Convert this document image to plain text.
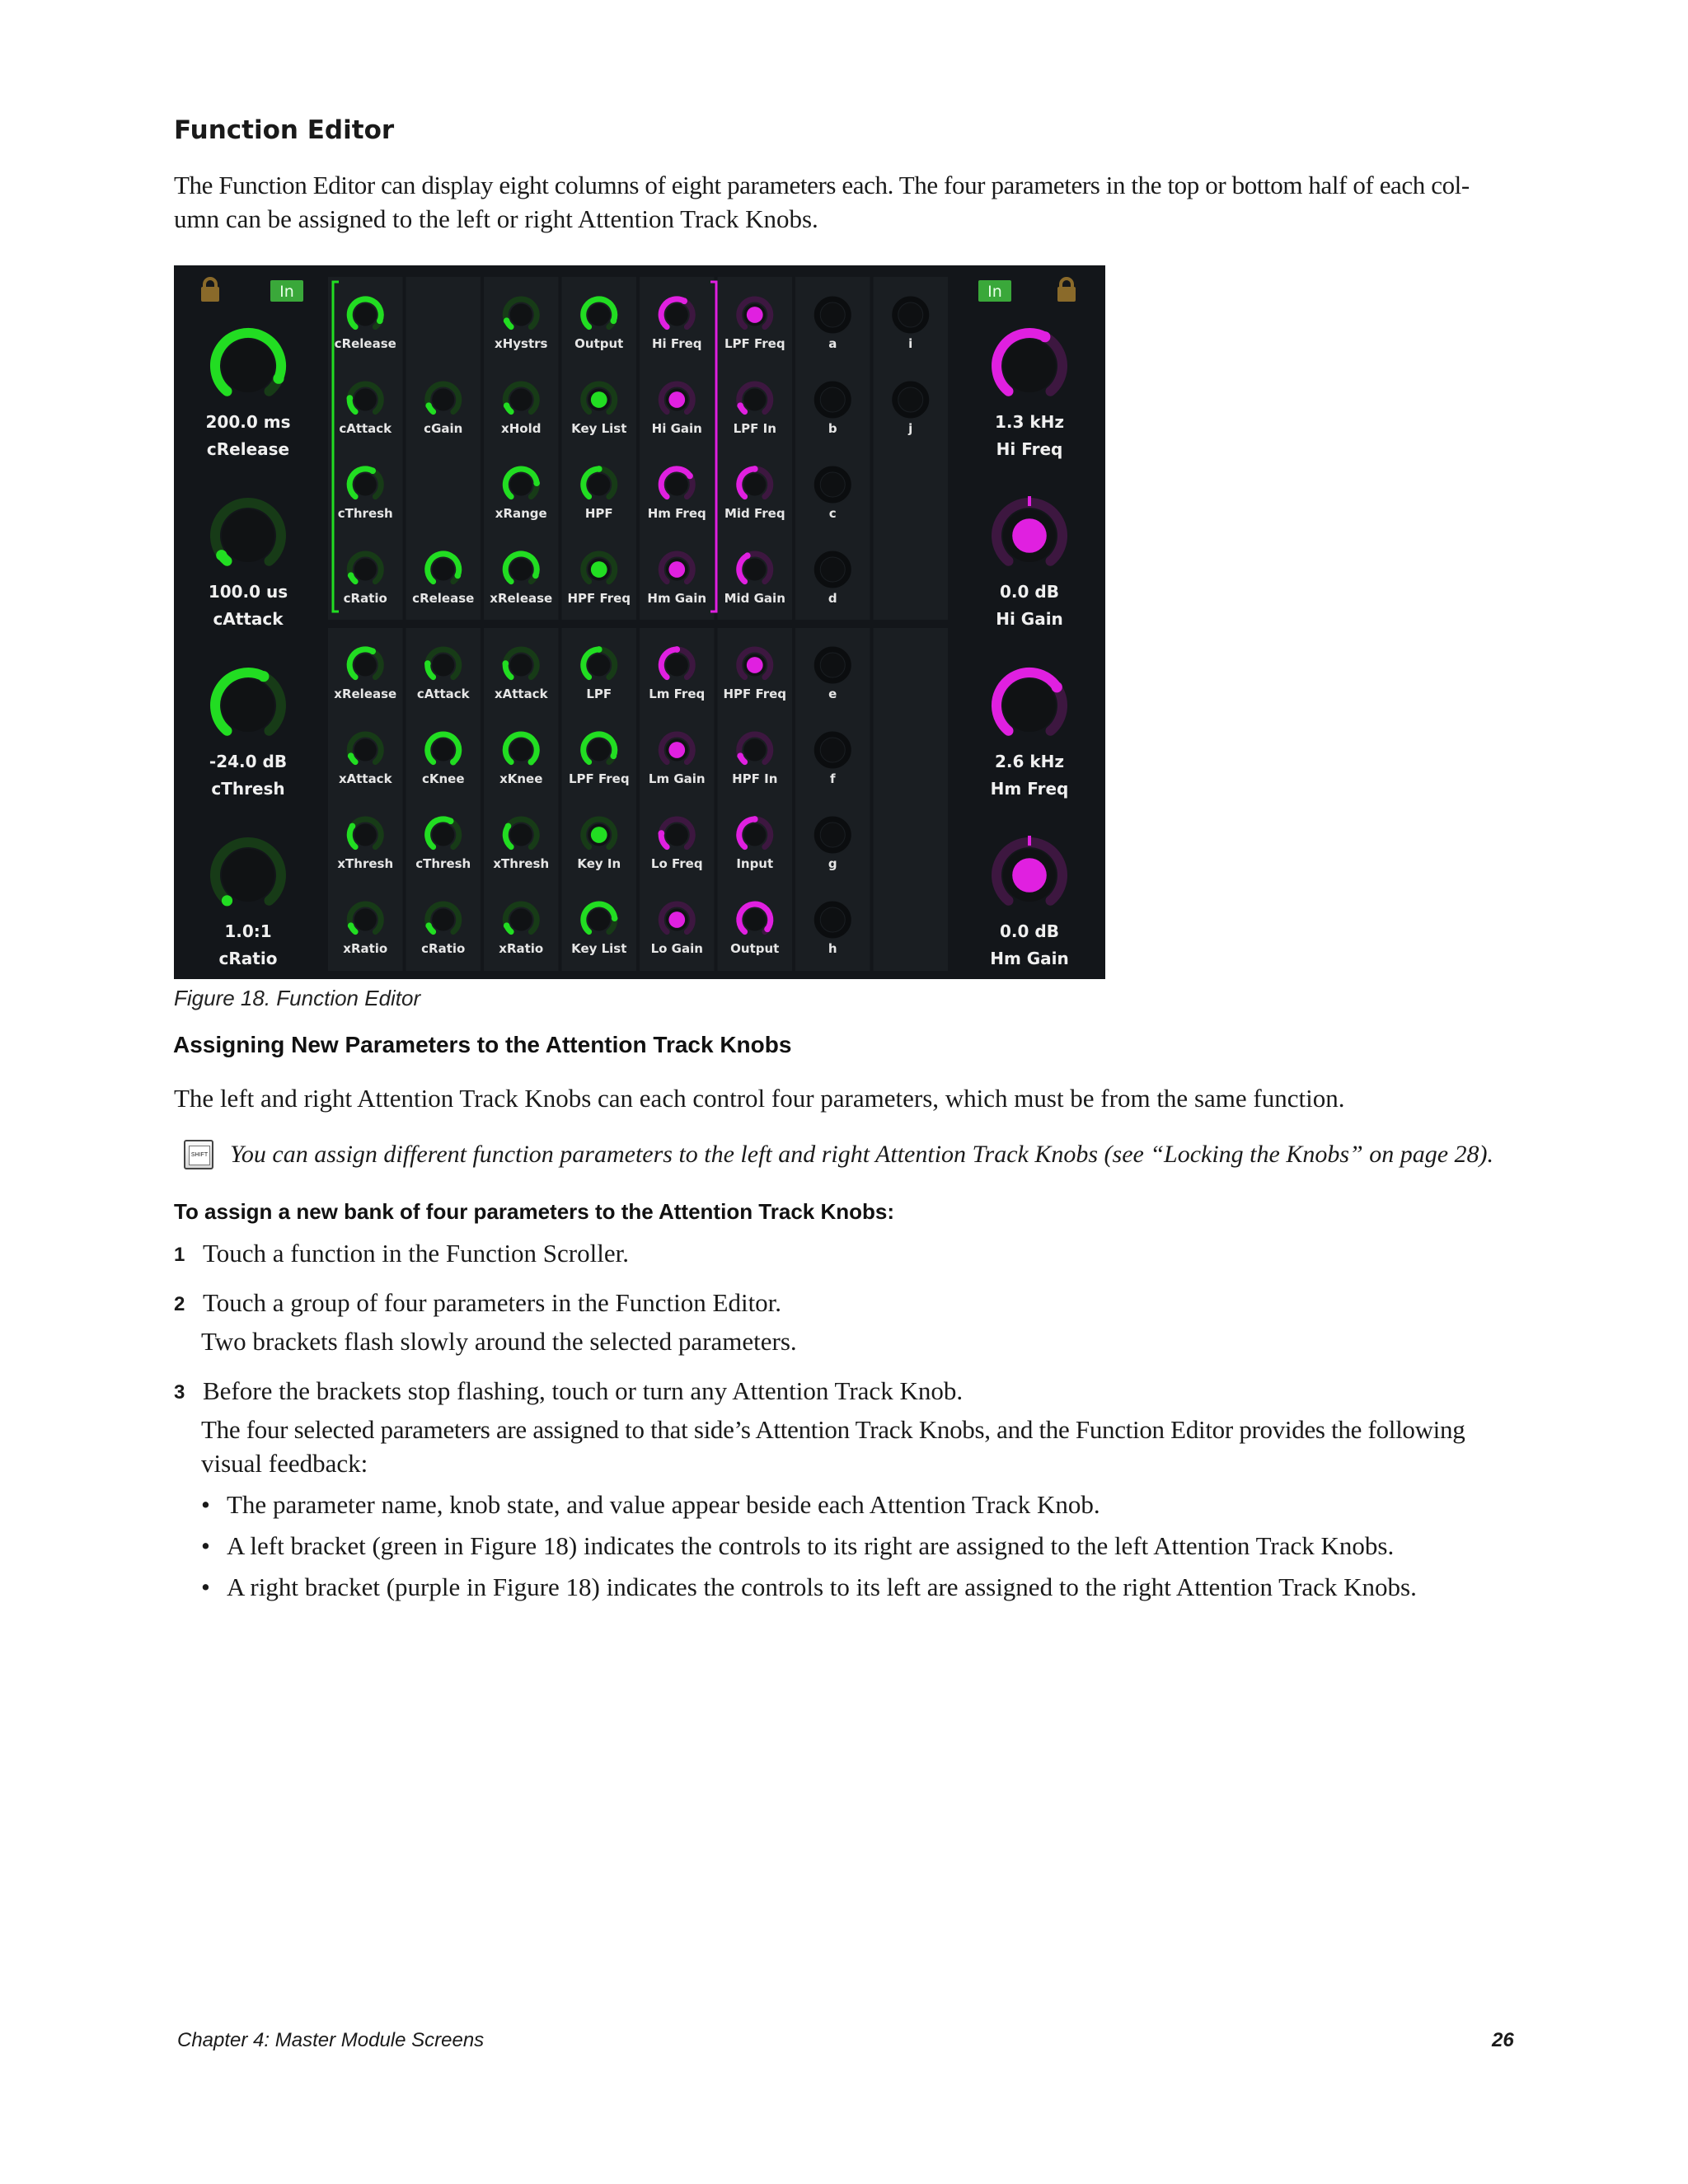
Function Editor
The Function Editor can display eight columns of eight parameters each. The four parameters in the top or bottom half of each col-
umn can be assigned to the left or right Attention Track Knobs.
In	In
200.0 ms
cRelease
100.0 us
cAttack
-24.0 dB
cThresh
1.0:1
cRatio
1.3 kHz
Hi Freq
0.0 dB
Hi Gain
2.6 kHz
Hm Freq
0.0 dB
Hm Gain
cRelease
cAttack
cThresh
cRatio
xRelease
xAttack
xThresh
xRatio
cGain
cRelease
cAttack
cKnee
cThresh
cRatio
xHystrs
xHold
xRange
xRelease
xAttack
xKnee
xThresh
xRatio
Output
Key List
HPF
HPF Freq
LPF
LPF Freq
Key In
Key List
Hi Freq
Hi Gain
Hm Freq
Hm Gain
Lm Freq
Lm Gain
Lo Freq
Lo Gain
LPF Freq
LPF In
Mid Freq
Mid Gain
HPF Freq
HPF In
Input
Output
a
b
c
d
e
f
g
h
i
j
Figure 18. Function Editor
Assigning New Parameters to the Attention Track Knobs
The left and right Attention Track Knobs can each control four parameters, which must be from the same function.
SHIFT You can assign different function parameters to the left and right Attention Track Knobs (see “Locking the Knobs” on page 28).
To assign a new bank of four parameters to the Attention Track Knobs:
1 Touch a function in the Function Scroller.
2 Touch a group of four parameters in the Function Editor.
Two brackets flash slowly around the selected parameters.
3 Before the brackets stop flashing, touch or turn any Attention Track Knob.
The four selected parameters are assigned to that side’s Attention Track Knobs, and the Function Editor provides the following
visual feedback:
• The parameter name, knob state, and value appear beside each Attention Track Knob.
• A left bracket (green in Figure 18) indicates the controls to its right are assigned to the left Attention Track Knobs.
• A right bracket (purple in Figure 18) indicates the controls to its left are assigned to the right Attention Track Knobs.
Chapter 4: Master Module Screens	26
